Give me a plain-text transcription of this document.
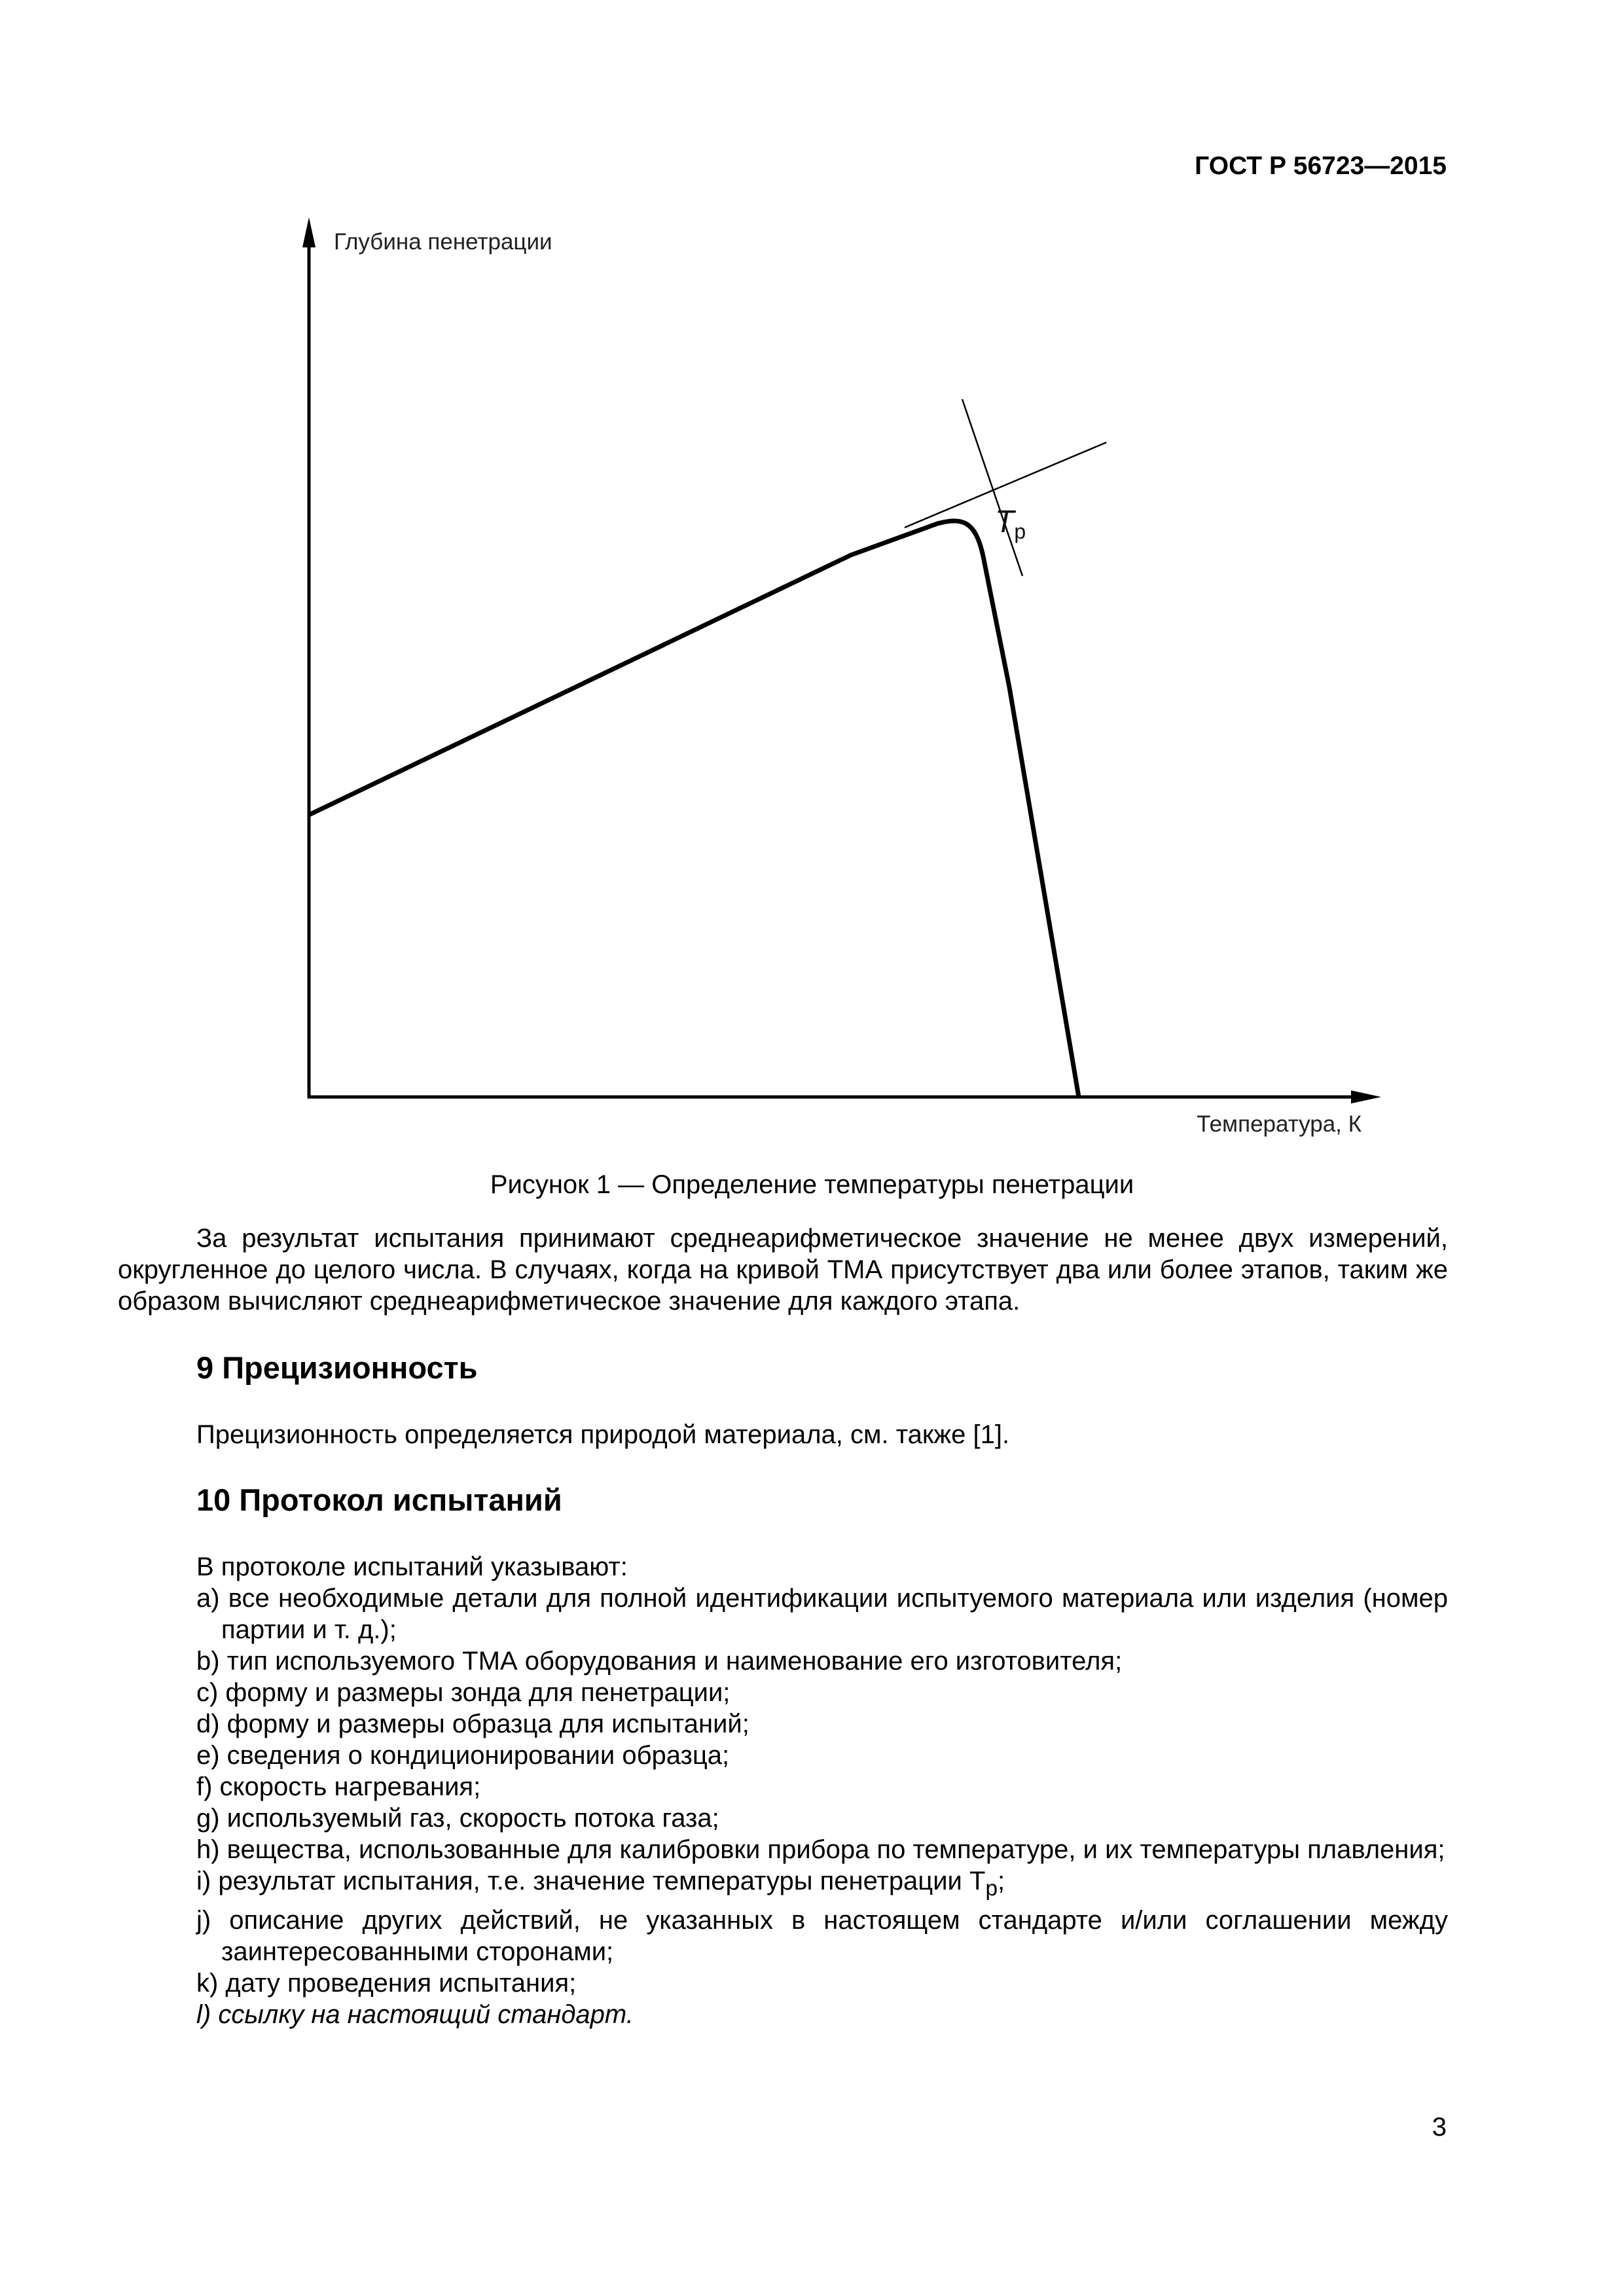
ГОСТ Р 56723—2015
Глубина пенетрации
Температура, К
$T_p$
Рисунок 1 — Определение температуры пенетрации
За результат испытания принимают среднеарифметическое значение не менее двух измерений, округленное до целого числа. В случаях, когда на кривой ТМА присутствует два или более этапов, таким же образом вычисляют среднеарифметическое значение для каждого этапа.
9 Прецизионность
Прецизионность определяется природой материала, см. также [1].
10 Протокол испытаний
В протоколе испытаний указывают:
a) все необходимые детали для полной идентификации испытуемого материала или изделия (номер партии и т. д.);
b) тип используемого ТМА оборудования и наименование его изготовителя;
c) форму и размеры зонда для пенетрации;
d) форму и размеры образца для испытаний;
e) сведения о кондиционировании образца;
f) скорость нагревания;
g) используемый газ, скорость потока газа;
h) вещества, использованные для калибровки прибора по температуре, и их температуры плавления;
i) результат испытания, т.е. значение температуры пенетрации $T_p$;
j) описание других действий, не указанных в настоящем стандарте и/или соглашении между заинтересованными сторонами;
k) дату проведения испытания;
l) ссылку на настоящий стандарт.
3
